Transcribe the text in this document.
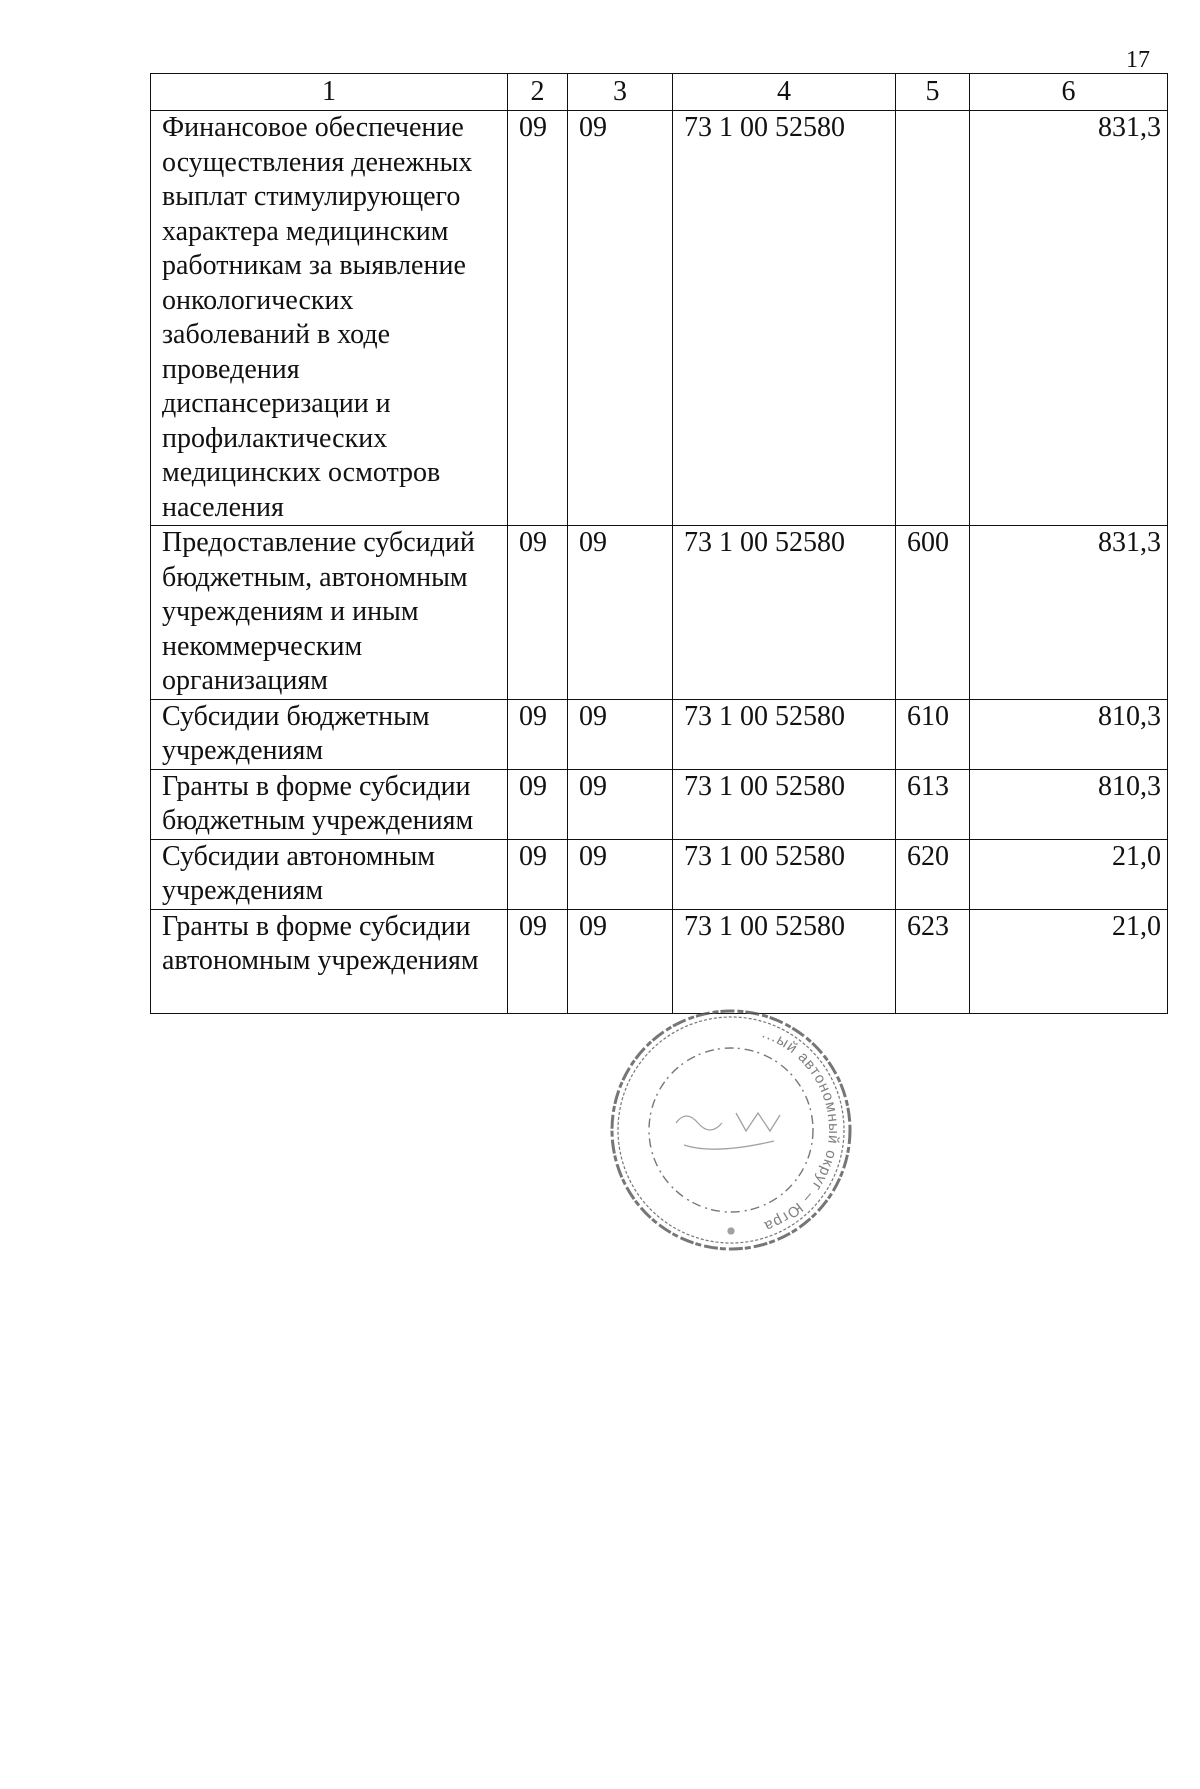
17
1	2	3	4	5	6
Финансовое обеспечение осуществления денежных выплат стимулирующего характера медицинским работникам за выявление онкологических заболеваний в ходе проведения диспансеризации и профилактических медицинских осмотров населения	09	09	73 1 00 52580		831,3
Предоставление субсидий бюджетным, автономным учреждениям и иным некоммерческим организациям	09	09	73 1 00 52580	600	831,3
Субсидии бюджетным учреждениям	09	09	73 1 00 52580	610	810,3
Гранты в форме субсидии бюджетным учреждениям	09	09	73 1 00 52580	613	810,3
Субсидии автономным учреждениям	09	09	73 1 00 52580	620	21,0
Гранты в форме субсидии автономным учреждениям	09	09	73 1 00 52580	623	21,0
...ый автономный округ – Югра
